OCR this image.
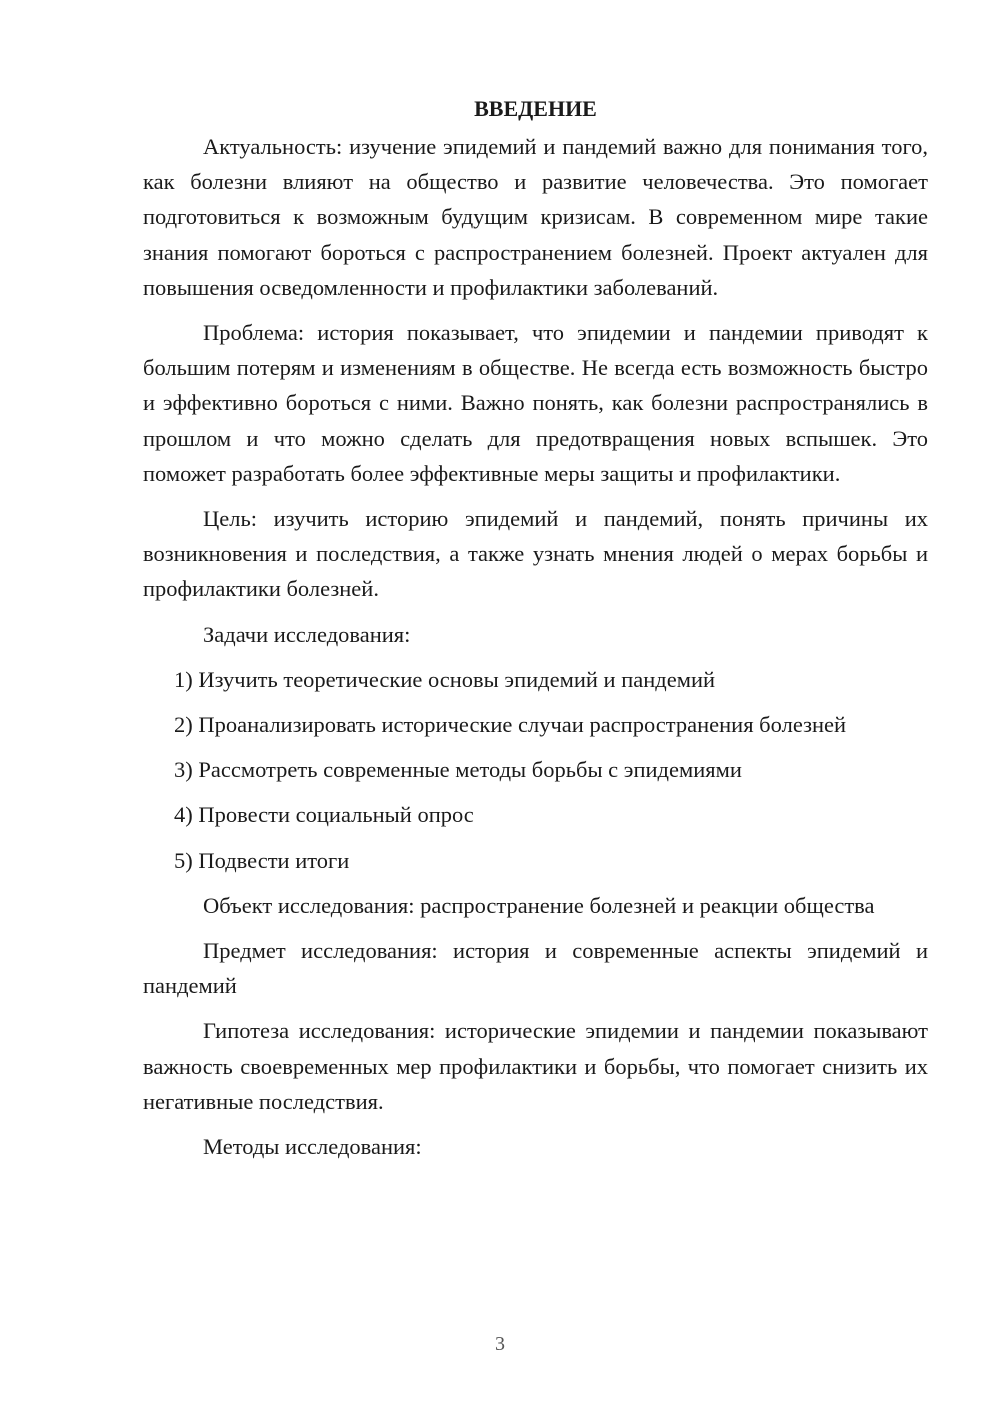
ВВЕДЕНИЕ

Актуальность: изучение эпидемий и пандемий важно для понимания того, как болезни влияют на общество и развитие человечества. Это помогает подготовиться к возможным будущим кризисам. В современном мире такие знания помогают бороться с распространением болезней. Проект актуален для повышения осведомленности и профилактики заболеваний.

Проблема: история показывает, что эпидемии и пандемии приводят к большим потерям и изменениям в обществе. Не всегда есть возможность быстро и эффективно бороться с ними. Важно понять, как болезни распространялись в прошлом и что можно сделать для предотвращения новых вспышек. Это поможет разработать более эффективные меры защиты и профилактики.

Цель: изучить историю эпидемий и пандемий, понять причины их возникновения и последствия, а также узнать мнения людей о мерах борьбы и профилактики болезней.

Задачи исследования:

1) Изучить теоретические основы эпидемий и пандемий

2) Проанализировать исторические случаи распространения болезней

3) Рассмотреть современные методы борьбы с эпидемиями

4) Провести социальный опрос

5) Подвести итоги

Объект исследования: распространение болезней и реакции общества

Предмет исследования: история и современные аспекты эпидемий и пандемий

Гипотеза исследования: исторические эпидемии и пандемии показывают важность своевременных мер профилактики и борьбы, что помогает снизить их негативные последствия.

Методы исследования:

3
